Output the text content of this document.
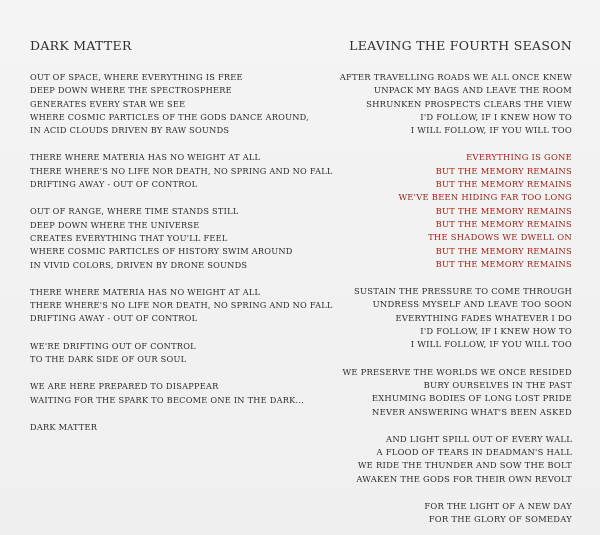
DARK MATTER
OUT OF SPACE, WHERE EVERYTHING IS FREE
DEEP DOWN WHERE THE SPECTROSPHERE
GENERATES EVERY STAR WE SEE
WHERE COSMIC PARTICLES OF THE GODS DANCE AROUND,
IN ACID CLOUDS DRIVEN BY RAW SOUNDS
THERE WHERE MATERIA HAS NO WEIGHT AT ALL
THERE WHERE'S NO LIFE NOR DEATH, NO SPRING AND NO FALL
DRIFTING AWAY - OUT OF CONTROL
OUT OF RANGE, WHERE TIME STANDS STILL
DEEP DOWN WHERE THE UNIVERSE
CREATES EVERYTHING THAT YOU'LL FEEL
WHERE COSMIC PARTICLES OF HISTORY SWIM AROUND
IN VIVID COLORS, DRIVEN BY DRONE SOUNDS
THERE WHERE MATERIA HAS NO WEIGHT AT ALL
THERE WHERE'S NO LIFE NOR DEATH, NO SPRING AND NO FALL
DRIFTING AWAY - OUT OF CONTROL
WE'RE DRIFTING OUT OF CONTROL
TO THE DARK SIDE OF OUR SOUL
WE ARE HERE PREPARED TO DISAPPEAR
WAITING FOR THE SPARK TO BECOME ONE IN THE DARK...
DARK MATTER
LEAVING THE FOURTH SEASON
AFTER TRAVELLING ROADS WE ALL ONCE KNEW
UNPACK MY BAGS AND LEAVE THE ROOM
SHRUNKEN PROSPECTS CLEARS THE VIEW
I'D FOLLOW, IF I KNEW HOW TO
I WILL FOLLOW, IF YOU WILL TOO
EVERYTHING IS GONE
BUT THE MEMORY REMAINS
BUT THE MEMORY REMAINS
WE'VE BEEN HIDING FAR TOO LONG
BUT THE MEMORY REMAINS
BUT THE MEMORY REMAINS
THE SHADOWS WE DWELL ON
BUT THE MEMORY REMAINS
BUT THE MEMORY REMAINS
SUSTAIN THE PRESSURE TO COME THROUGH
UNDRESS MYSELF AND LEAVE TOO SOON
EVERYTHING FADES WHATEVER I DO
I'D FOLLOW, IF I KNEW HOW TO
I WILL FOLLOW, IF YOU WILL TOO
WE PRESERVE THE WORLDS WE ONCE RESIDED
BURY OURSELVES IN THE PAST
EXHUMING BODIES OF LONG LOST PRIDE
NEVER ANSWERING WHAT'S BEEN ASKED
AND LIGHT SPILL OUT OF EVERY WALL
A FLOOD OF TEARS IN DEADMAN'S HALL
WE RIDE THE THUNDER AND SOW THE BOLT
AWAKEN THE GODS FOR THEIR OWN REVOLT
FOR THE LIGHT OF A NEW DAY
FOR THE GLORY OF SOMEDAY
